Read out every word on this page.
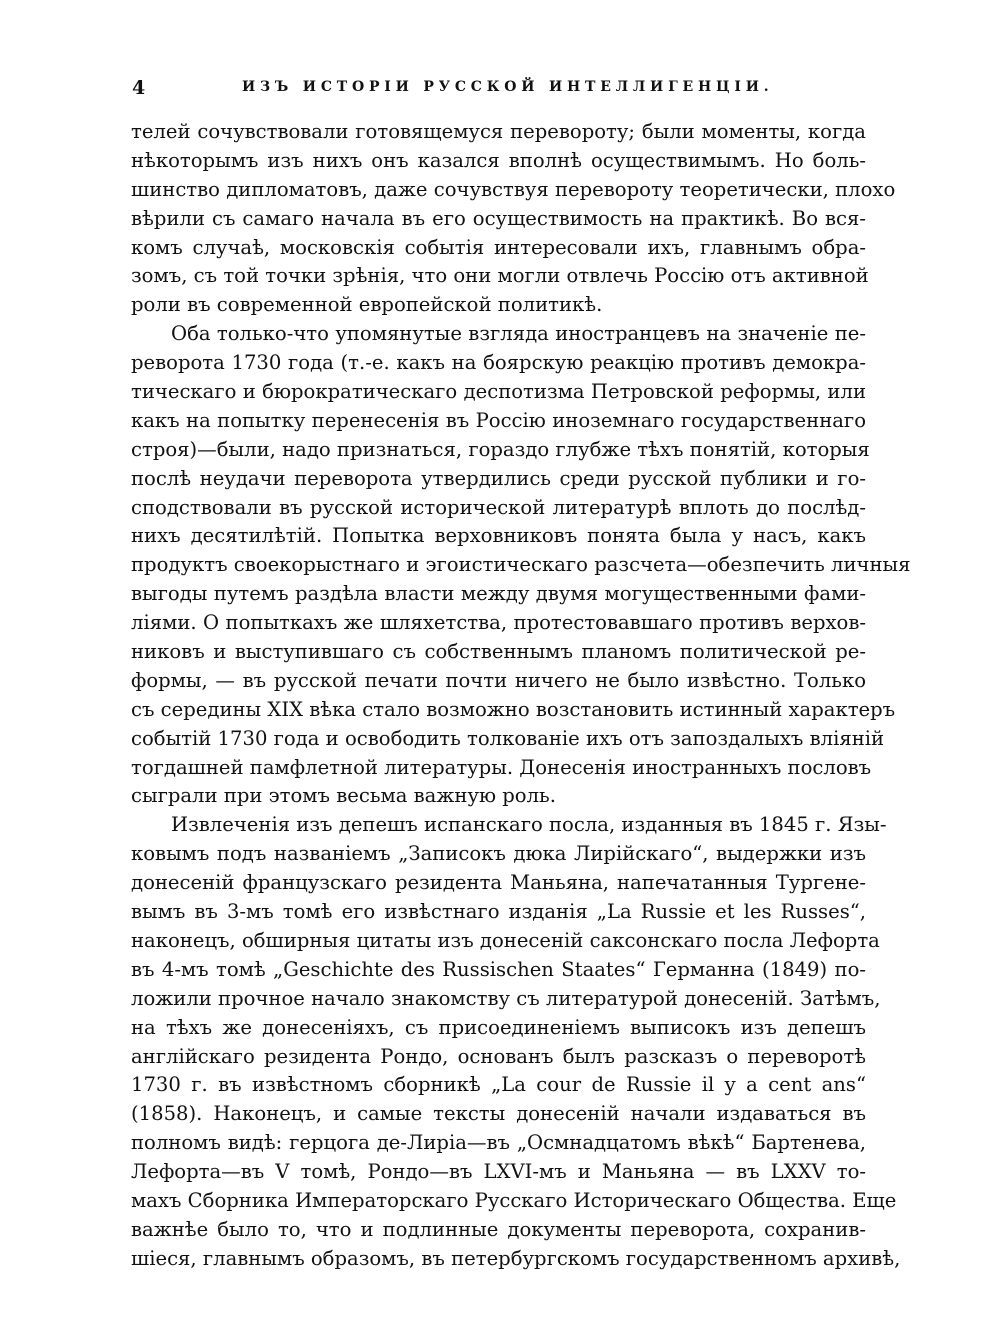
4	ИЗЪ ИСТОРІИ РУССКОЙ ИНТЕЛЛИГЕНЦІИ.
телей сочувствовали готовящемуся перевороту; были моменты, когда
нѣкоторымъ изъ нихъ онъ казался вполнѣ осуществимымъ. Но боль-
шинство дипломатовъ, даже сочувствуя перевороту теоретически, плохо
вѣрили съ самаго начала въ его осуществимость на практикѣ. Во вся-
комъ случаѣ, московскія событія интересовали ихъ, главнымъ обра-
зомъ, съ той точки зрѣнія, что они могли отвлечь Россію отъ активной
роли въ современной европейской политикѣ.
Оба только-что упомянутые взгляда иностранцевъ на значеніе пе-
реворота 1730 года (т.-е. какъ на боярскую реакцію противъ демокра-
тическаго и бюрократическаго деспотизма Петровской реформы, или
какъ на попытку перенесенія въ Россію иноземнаго государственнаго
строя)—были, надо признаться, гораздо глубже тѣхъ понятій, которыя
послѣ неудачи переворота утвердились среди русской публики и го-
сподствовали въ русской исторической литературѣ вплоть до послѣд-
нихъ десятилѣтій. Попытка верховниковъ понята была у насъ, какъ
продуктъ своекорыстнаго и эгоистическаго разсчета—обезпечить личныя
выгоды путемъ раздѣла власти между двумя могущественными фами-
ліями. О попыткахъ же шляхетства, протестовавшаго противъ верхов-
никовъ и выступившаго съ собственнымъ планомъ политической ре-
формы, — въ русской печати почти ничего не было извѣстно. Только
съ середины XIX вѣка стало возможно возстановить истинный характеръ
событій 1730 года и освободить толкованіе ихъ отъ запоздалыхъ вліяній
тогдашней памфлетной литературы. Донесенія иностранныхъ пословъ
сыграли при этомъ весьма важную роль.
Извлеченія изъ депешъ испанскаго посла, изданныя въ 1845 г. Язы-
ковымъ подъ названіемъ „Записокъ дюка Лирійскаго“, выдержки изъ
донесеній французскаго резидента Маньяна, напечатанныя Тургене-
вымъ въ 3-мъ томѣ его извѣстнаго изданія „La Russie et les Russes“,
наконецъ, обширныя цитаты изъ донесеній саксонскаго посла Лефорта
въ 4-мъ томѣ „Geschichte des Russischen Staates“ Германна (1849) по-
ложили прочное начало знакомству съ литературой донесеній. Затѣмъ,
на тѣхъ же донесеніяхъ, съ присоединеніемъ выписокъ изъ депешъ
англійскаго резидента Рондо, основанъ былъ разсказъ о переворотѣ
1730 г. въ извѣстномъ сборникѣ „La cour de Russie il y a cent ans“
(1858). Наконецъ, и самые тексты донесеній начали издаваться въ
полномъ видѣ: герцога де-Лиріа—въ „Осмнадцатомъ вѣкѣ“ Бартенева,
Лефорта—въ V томѣ, Рондо—въ LXVI-мъ и Маньяна — въ LXXV то-
махъ Сборника Императорскаго Русскаго Историческаго Общества. Еще
важнѣе было то, что и подлинные документы переворота, сохранив-
шіеся, главнымъ образомъ, въ петербургскомъ государственномъ архивѣ,
